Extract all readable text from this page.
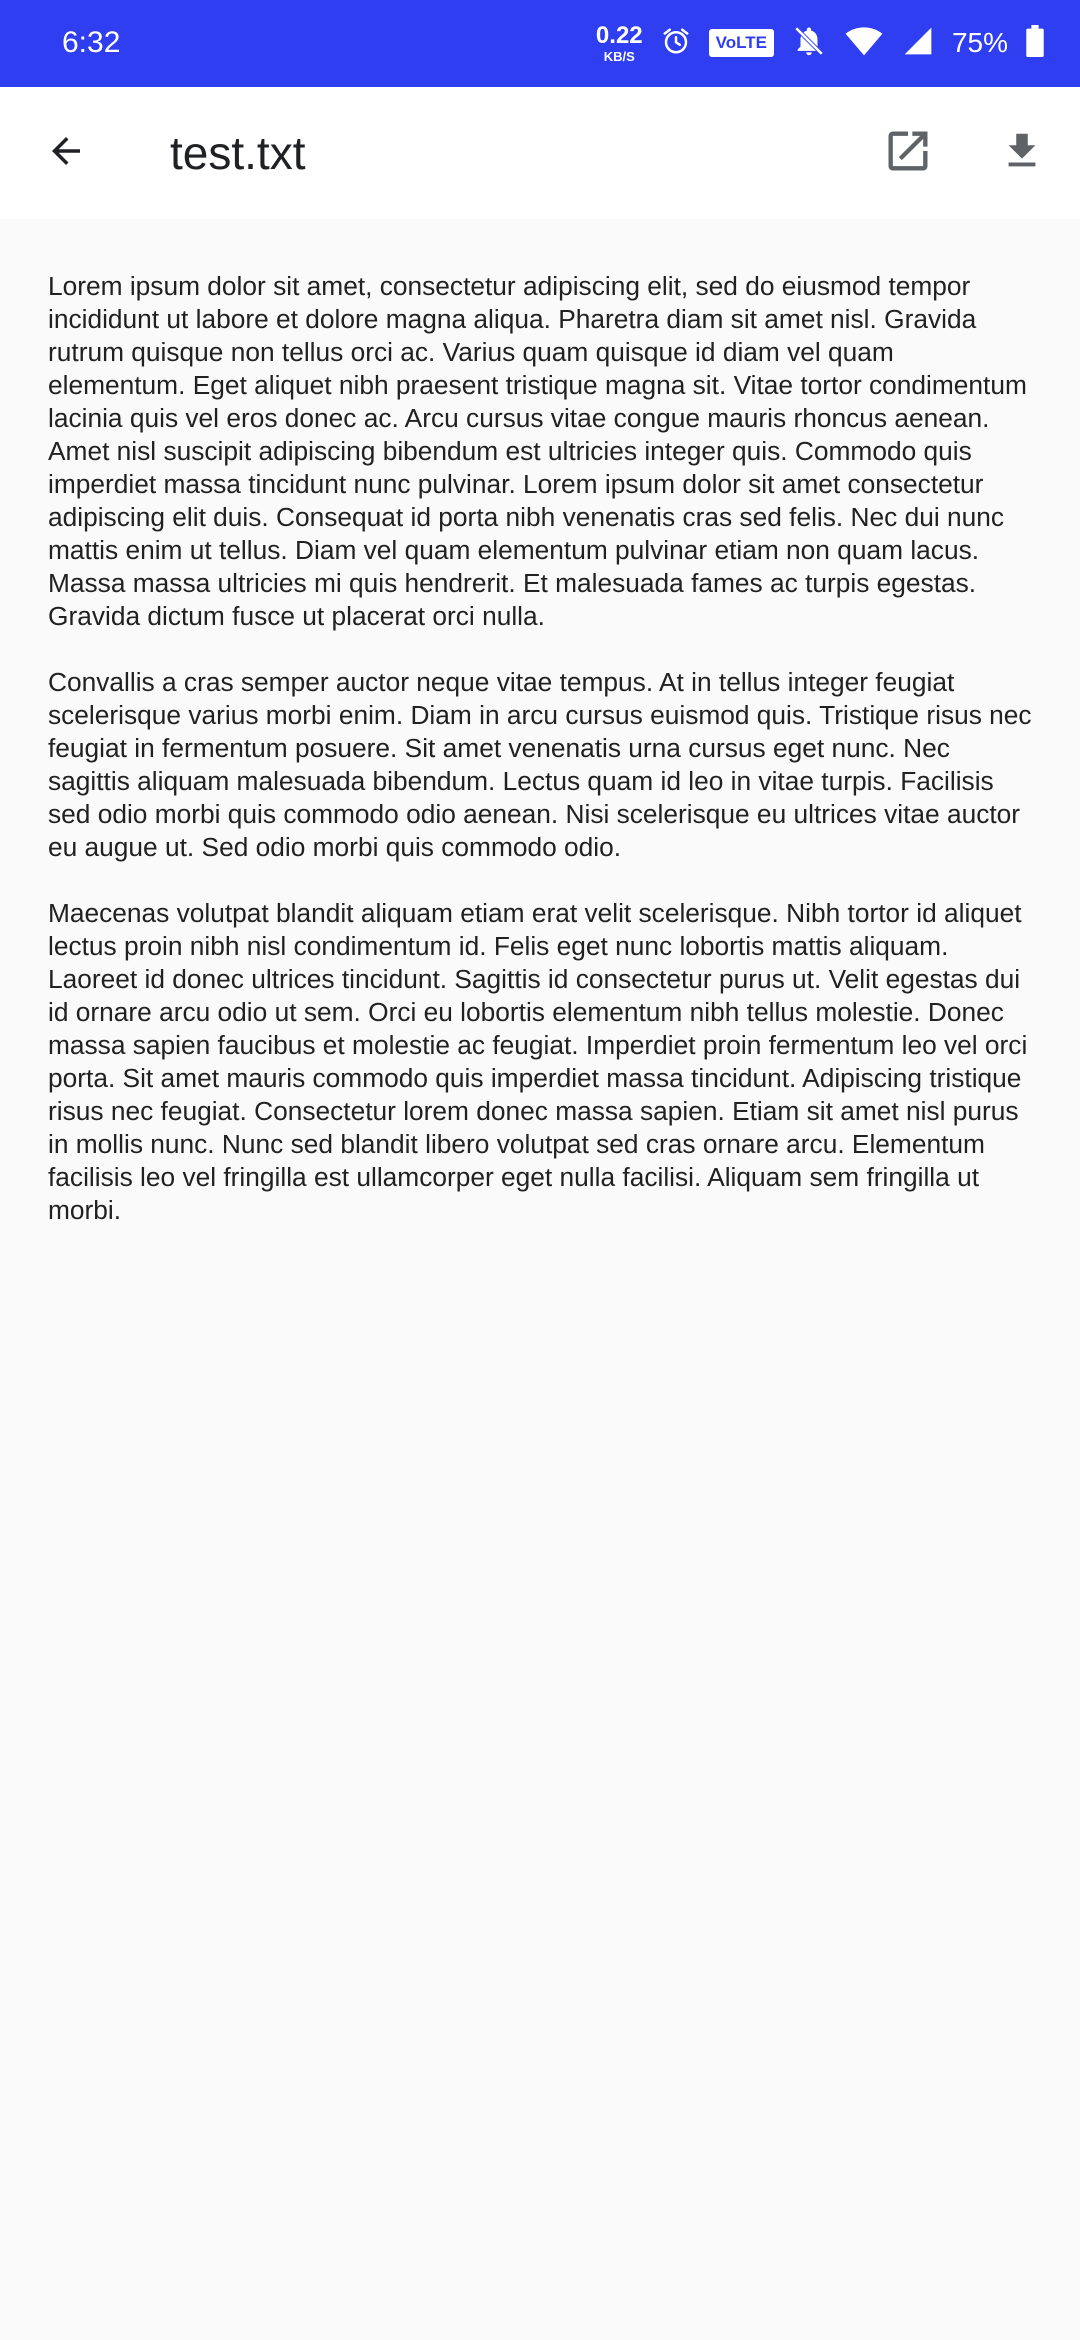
6:32	0.22
KB/S
VoLTE	75%
test.txt

Lorem ipsum dolor sit amet, consectetur adipiscing elit, sed do eiusmod tempor incididunt ut labore et dolore magna aliqua. Pharetra diam sit amet nisl. Gravida rutrum quisque non tellus orci ac. Varius quam quisque id diam vel quam elementum. Eget aliquet nibh praesent tristique magna sit. Vitae tortor condimentum lacinia quis vel eros donec ac. Arcu cursus vitae congue mauris rhoncus aenean. Amet nisl suscipit adipiscing bibendum est ultricies integer quis. Commodo quis imperdiet massa tincidunt nunc pulvinar. Lorem ipsum dolor sit amet consectetur adipiscing elit duis. Consequat id porta nibh venenatis cras sed felis. Nec dui nunc mattis enim ut tellus. Diam vel quam elementum pulvinar etiam non quam lacus. Massa massa ultricies mi quis hendrerit. Et malesuada fames ac turpis egestas. Gravida dictum fusce ut placerat orci nulla.

Convallis a cras semper auctor neque vitae tempus. At in tellus integer feugiat scelerisque varius morbi enim. Diam in arcu cursus euismod quis. Tristique risus nec feugiat in fermentum posuere. Sit amet venenatis urna cursus eget nunc. Nec sagittis aliquam malesuada bibendum. Lectus quam id leo in vitae turpis. Facilisis sed odio morbi quis commodo odio aenean. Nisi scelerisque eu ultrices vitae auctor eu augue ut. Sed odio morbi quis commodo odio.

Maecenas volutpat blandit aliquam etiam erat velit scelerisque. Nibh tortor id aliquet lectus proin nibh nisl condimentum id. Felis eget nunc lobortis mattis aliquam. Laoreet id donec ultrices tincidunt. Sagittis id consectetur purus ut. Velit egestas dui id ornare arcu odio ut sem. Orci eu lobortis elementum nibh tellus molestie. Donec massa sapien faucibus et molestie ac feugiat. Imperdiet proin fermentum leo vel orci porta. Sit amet mauris commodo quis imperdiet massa tincidunt. Adipiscing tristique risus nec feugiat. Consectetur lorem donec massa sapien. Etiam sit amet nisl purus in mollis nunc. Nunc sed blandit libero volutpat sed cras ornare arcu. Elementum facilisis leo vel fringilla est ullamcorper eget nulla facilisi. Aliquam sem fringilla ut morbi.
